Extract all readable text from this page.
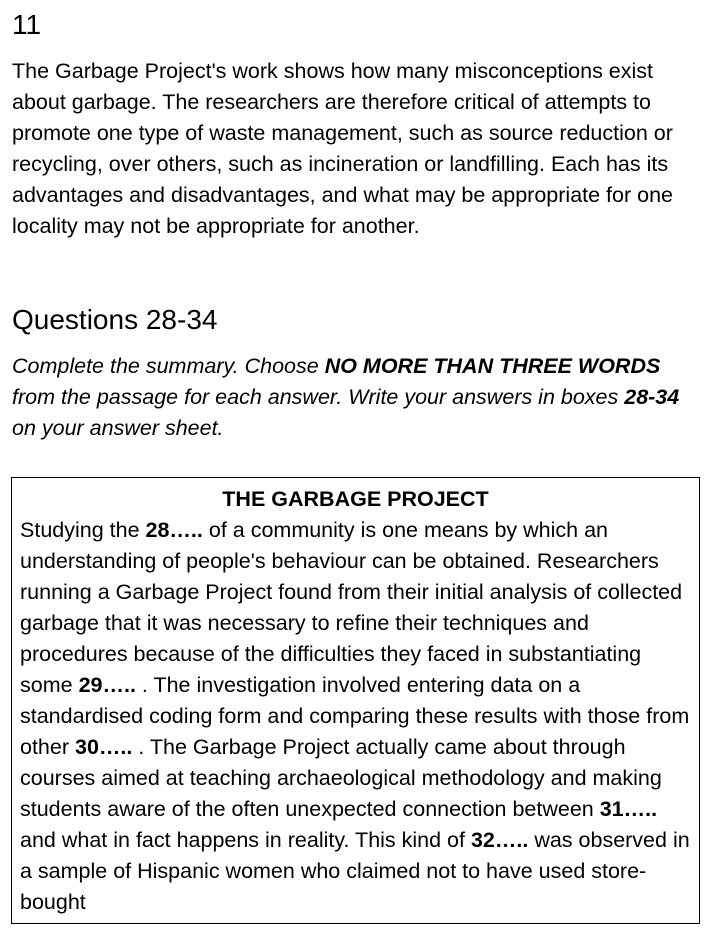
11
The Garbage Project's work shows how many misconceptions exist about garbage. The researchers are therefore critical of attempts to promote one type of waste management, such as source reduction or recycling, over others, such as incineration or landfilling. Each has its advantages and disadvantages, and what may be appropriate for one locality may not be appropriate for another.
Questions 28-34
Complete the summary. Choose NO MORE THAN THREE WORDS from the passage for each answer. Write your answers in boxes 28-34 on your answer sheet.
THE GARBAGE PROJECT
Studying the 28….. of a community is one means by which an understanding of people's behaviour can be obtained. Researchers running a Garbage Project found from their initial analysis of collected garbage that it was necessary to refine their techniques and procedures because of the difficulties they faced in substantiating some 29….. . The investigation involved entering data on a standardised coding form and comparing these results with those from other 30….. . The Garbage Project actually came about through courses aimed at teaching archaeological methodology and making students aware of the often unexpected connection between 31….. and what in fact happens in reality. This kind of 32….. was observed in a sample of Hispanic women who claimed not to have used store-bought
